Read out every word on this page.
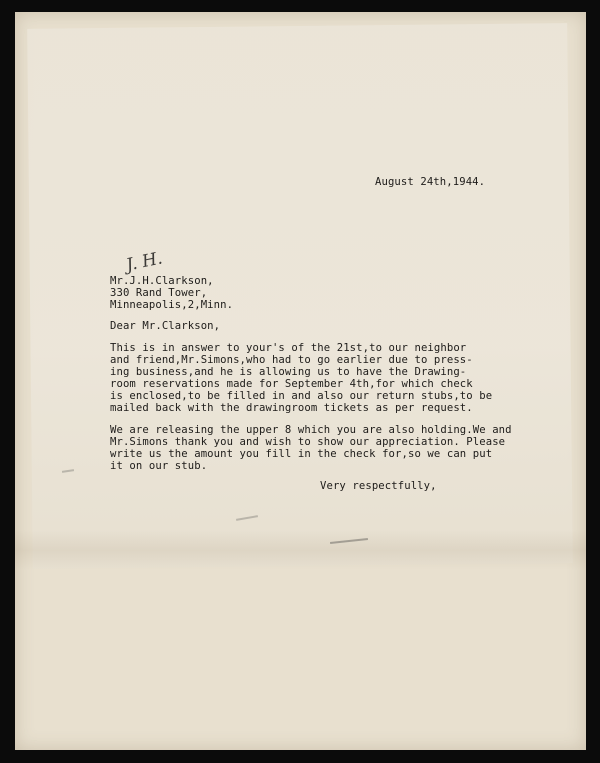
August 24th,1944.
J. H.
Mr.J.H.Clarkson,
330 Rand Tower,
Minneapolis,2,Minn.
Dear Mr.Clarkson,
This is in answer to your's of the 21st,to our neighbor
and friend,Mr.Simons,who had to go earlier due to press-
ing business,and he is allowing us to have the Drawing-
room reservations made for September 4th,for which check
is enclosed,to be filled in and also our return stubs,to be
mailed back with the drawingroom tickets as per request.
We are releasing the upper 8 which you are also holding.We and
Mr.Simons thank you and wish to show our appreciation. Please
write us the amount you fill in the check for,so we can put
it on our stub.
Very respectfully,
